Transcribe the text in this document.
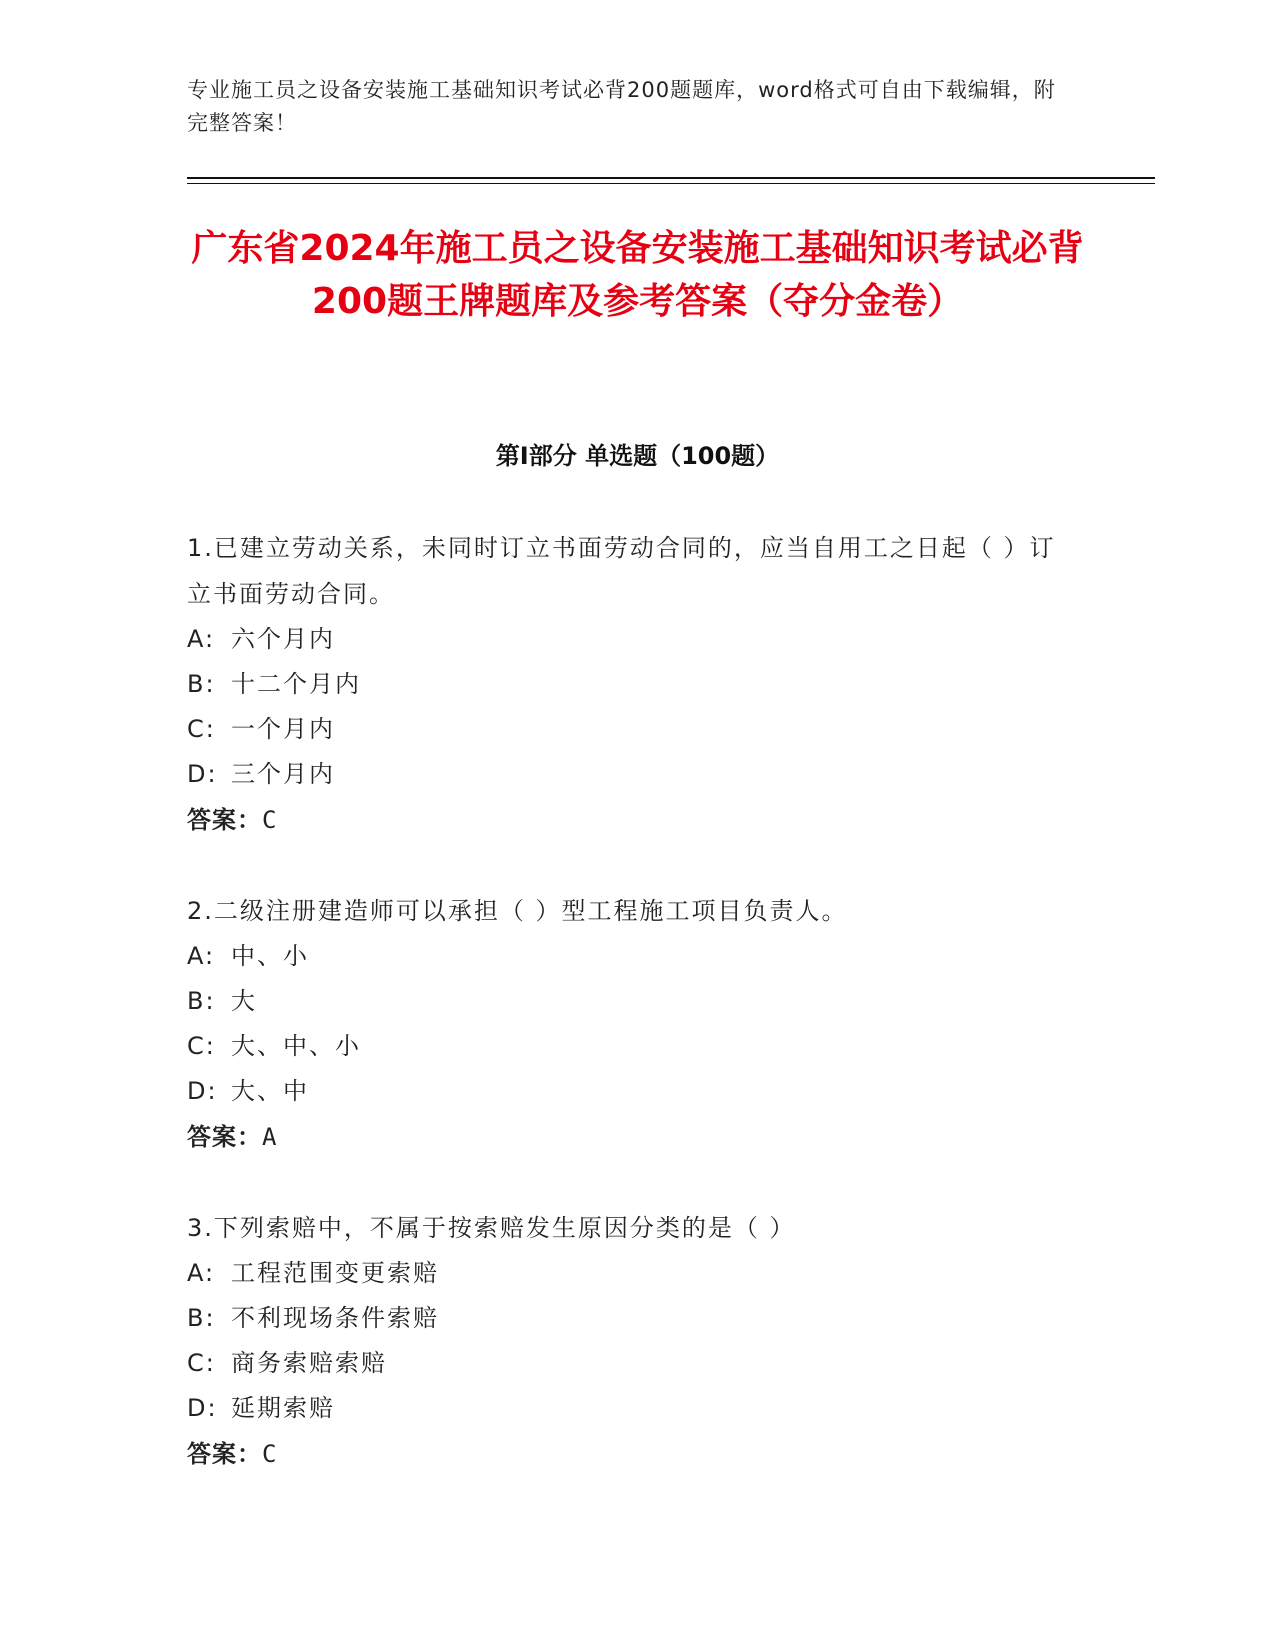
专业施工员之设备安装施工基础知识考试必背200题题库，word格式可自由下载编辑，附完整答案！
广东省2024年施工员之设备安装施工基础知识考试必背200题王牌题库及参考答案（夺分金卷）
第Ⅰ部分 单选题（100题）
1.已建立劳动关系，未同时订立书面劳动合同的，应当自用工之日起（ ）订立书面劳动合同。
A: 六个月内
B: 十二个月内
C: 一个月内
D: 三个月内
答案：C
2.二级注册建造师可以承担（ ）型工程施工项目负责人。
A: 中、小
B: 大
C: 大、中、小
D: 大、中
答案：A
3.下列索赔中，不属于按索赔发生原因分类的是（ ）
A: 工程范围变更索赔
B: 不利现场条件索赔
C: 商务索赔索赔
D: 延期索赔
答案：C
